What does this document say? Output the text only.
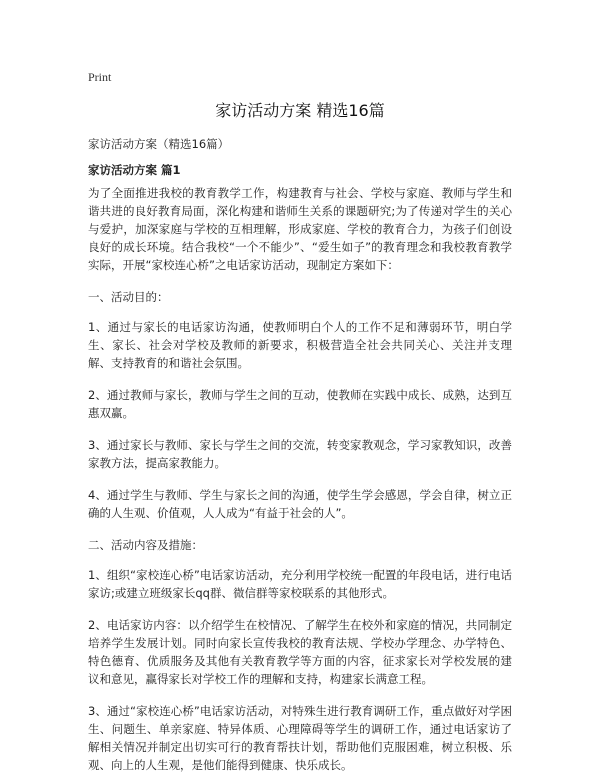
Print
家访活动方案 精选16篇
家访活动方案（精选16篇）
家访活动方案 篇1

为了全面推进我校的教育教学工作，构建教育与社会、学校与家庭、教师与学生和谐共进的良好教育局面，深化构建和谐师生关系的课题研究;为了传递对学生的关心与爱护，加深家庭与学校的互相理解，形成家庭、学校的教育合力，为孩子们创设良好的成长环境。结合我校“一个不能少”、“爱生如子”的教育理念和我校教育教学实际，开展“家校连心桥”之电话家访活动，现制定方案如下：

一、活动目的：

1、通过与家长的电话家访沟通，使教师明白个人的工作不足和薄弱环节，明白学生、家长、社会对学校及教师的新要求，积极营造全社会共同关心、关注并支理解、支持教育的和谐社会氛围。

2、通过教师与家长，教师与学生之间的互动，使教师在实践中成长、成熟，达到互惠双赢。

3、通过家长与教师、家长与学生之间的交流，转变家教观念，学习家教知识，改善家教方法，提高家教能力。

4、通过学生与教师、学生与家长之间的沟通，使学生学会感恩，学会自律，树立正确的人生观、价值观，人人成为“有益于社会的人”。

二、活动内容及措施：

1、组织“家校连心桥”电话家访活动，充分利用学校统一配置的年段电话，进行电话家访;或建立班级家长qq群、微信群等家校联系的其他形式。

2、电话家访内容：以介绍学生在校情况、了解学生在校外和家庭的情况，共同制定培养学生发展计划。同时向家长宣传我校的教育法规、学校办学理念、办学特色、特色德育、优质服务及其他有关教育教学等方面的内容，征求家长对学校发展的建议和意见，赢得家长对学校工作的理解和支持，构建家长满意工程。

3、通过“家校连心桥”电话家访活动，对特殊生进行教育调研工作，重点做好对学困生、问题生、单亲家庭、特异体质、心理障碍等学生的调研工作，通过电话家访了解相关情况并制定出切实可行的教育帮扶计划，帮助他们克服困难，树立积极、乐观、向上的人生观，是他们能得到健康、快乐成长。
